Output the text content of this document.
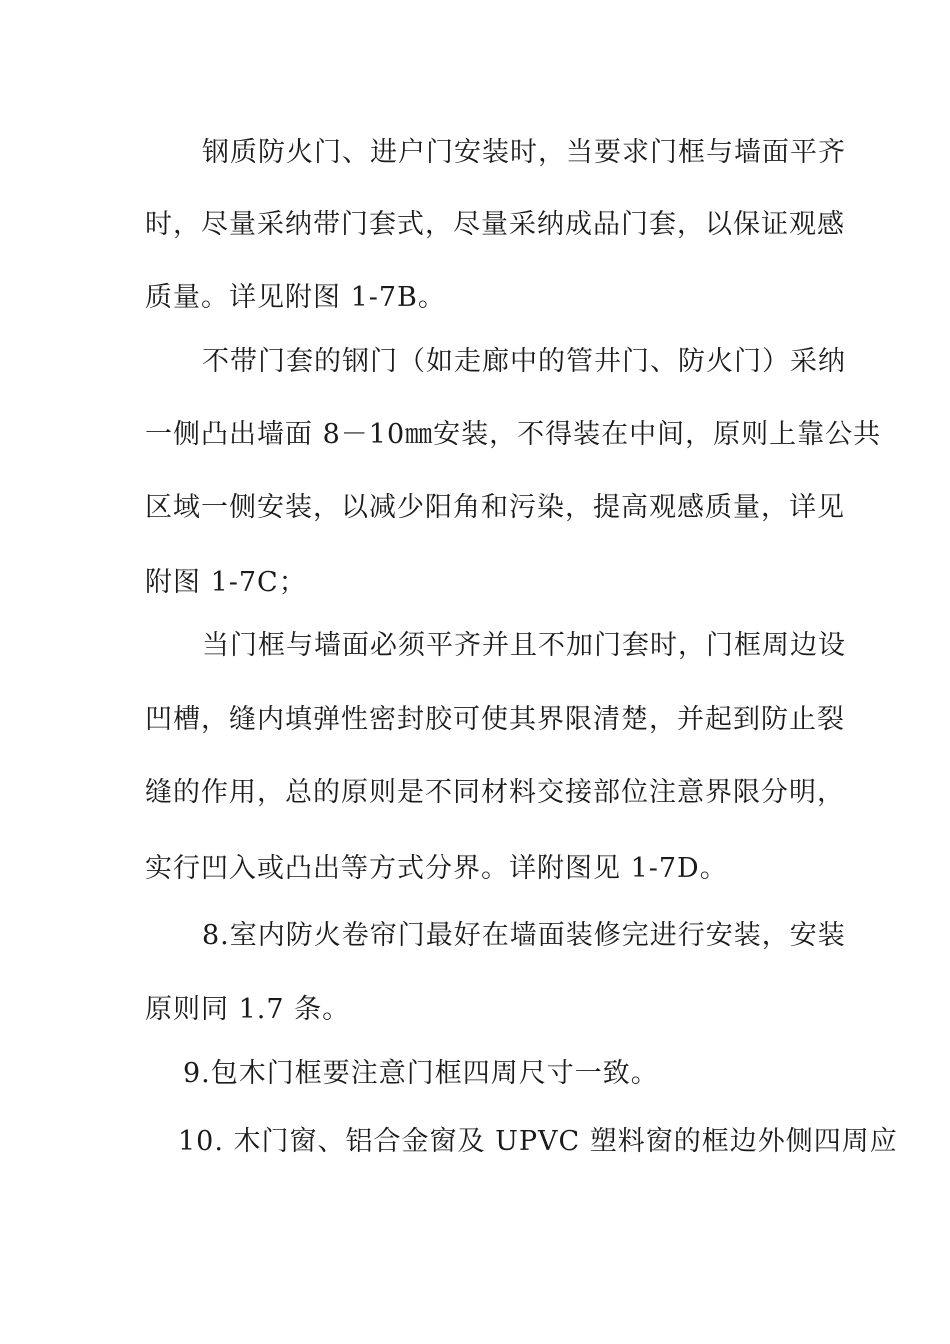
钢质防火门、进户门安装时，当要求门框与墙面平齐
时，尽量采纳带门套式，尽量采纳成品门套，以保证观感
质量。详见附图 1-7B。
不带门套的钢门（如走廊中的管井门、防火门）采纳
一侧凸出墙面 8－10㎜安装，不得装在中间，原则上靠公共
区域一侧安装，以减少阳角和污染，提高观感质量，详见
附图 1-7C；
当门框与墙面必须平齐并且不加门套时，门框周边设
凹槽，缝内填弹性密封胶可使其界限清楚，并起到防止裂
缝的作用，总的原则是不同材料交接部位注意界限分明，
实行凹入或凸出等方式分界。详附图见 1-7D。
8.室内防火卷帘门最好在墙面装修完进行安装，安装
原则同 1.7 条。
9.包木门框要注意门框四周尺寸一致。
10. 木门窗、铝合金窗及 UPVC 塑料窗的框边外侧四周应
